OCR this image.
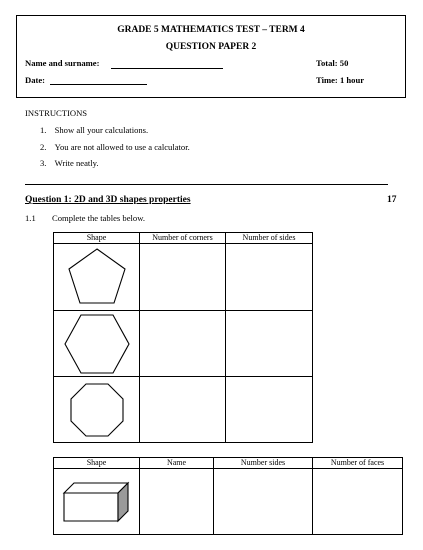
GRADE 5 MATHEMATICS TEST – TERM 4
QUESTION PAPER 2
Name and surname:	Total: 50
Date:	Time: 1 hour
INSTRUCTIONS
1. Show all your calculations.
2. You are not allowed to use a calculator.
3. Write neatly.
Question 1: 2D and 3D shapes properties	17
1.1 Complete the tables below.
Shape	Number of corners	Number of sides

Shape	Name	Number sides	Number of faces
